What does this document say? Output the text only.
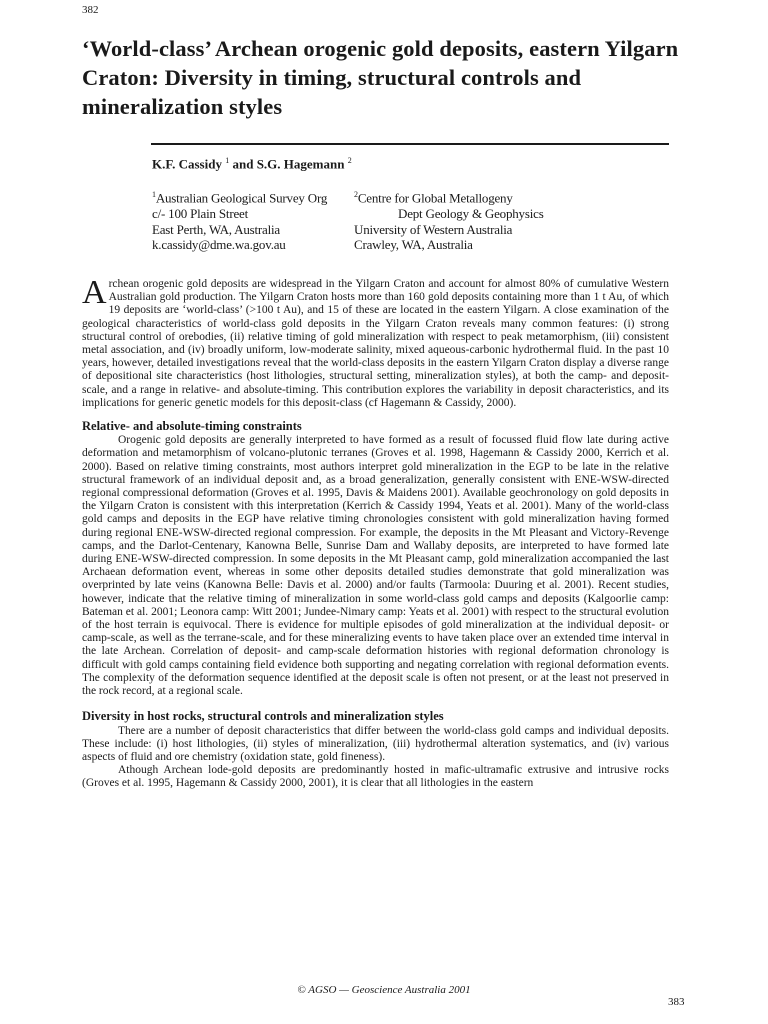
382
‘World-class’ Archean orogenic gold deposits, eastern Yilgarn Craton: Diversity in timing, structural controls and mineralization styles
K.F. Cassidy $^1$ and S.G. Hagemann $^2$
$^1$Australian Geological Survey Org
c/- 100 Plain Street
East Perth, WA, Australia
k.cassidy@dme.wa.gov.au
$^2$Centre for Global Metallogeny
Dept Geology & Geophysics
University of Western Australia
Crawley, WA, Australia

Archean orogenic gold deposits are widespread in the Yilgarn Craton and account for almost 80% of cumulative Western Australian gold production. The Yilgarn Craton hosts more than 160 gold deposits containing more than 1 t Au, of which 19 deposits are ‘world-class’ (>100 t Au), and 15 of these are located in the eastern Yilgarn. A close examination of the geological characteristics of world-class gold deposits in the Yilgarn Craton reveals many common features: (i) strong structural control of orebodies, (ii) relative timing of gold mineralization with respect to peak metamorphism, (iii) consistent metal association, and (iv) broadly uniform, low-moderate salinity, mixed aqueous-carbonic hydrothermal fluid. In the past 10 years, however, detailed investigations reveal that the world-class deposits in the eastern Yilgarn Craton display a diverse range of depositional site characteristics (host lithologies, structural setting, mineralization styles), at both the camp- and deposit-scale, and a range in relative- and absolute-timing. This contribution explores the variability in deposit characteristics, and its implications for generic genetic models for this deposit-class (cf Hagemann & Cassidy, 2000).

Relative- and absolute-timing constraints

Orogenic gold deposits are generally interpreted to have formed as a result of focussed fluid flow late during active deformation and metamorphism of volcano-plutonic terranes (Groves et al. 1998, Hagemann & Cassidy 2000, Kerrich et al. 2000). Based on relative timing constraints, most authors interpret gold mineralization in the EGP to be late in the relative structural framework of an individual deposit and, as a broad generalization, generally consistent with ENE-WSW-directed regional compressional deformation (Groves et al. 1995, Davis & Maidens 2001). Available geochronology on gold deposits in the Yilgarn Craton is consistent with this interpretation (Kerrich & Cassidy 1994, Yeats et al. 2001). Many of the world-class gold camps and deposits in the EGP have relative timing chronologies consistent with gold mineralization having formed during regional ENE-WSW-directed regional compression. For example, the deposits in the Mt Pleasant and Victory-Revenge camps, and the Darlot-Centenary, Kanowna Belle, Sunrise Dam and Wallaby deposits, are interpreted to have formed late during ENE-WSW-directed compression. In some deposits in the Mt Pleasant camp, gold mineralization accompanied the last Archaean deformation event, whereas in some other deposits detailed studies demonstrate that gold mineralization was overprinted by late veins (Kanowna Belle: Davis et al. 2000) and/or faults (Tarmoola: Duuring et al. 2001). Recent studies, however, indicate that the relative timing of mineralization in some world-class gold camps and deposits (Kalgoorlie camp: Bateman et al. 2001; Leonora camp: Witt 2001; Jundee-Nimary camp: Yeats et al. 2001) with respect to the structural evolution of the host terrain is equivocal. There is evidence for multiple episodes of gold mineralization at the individual deposit- or camp-scale, as well as the terrane-scale, and for these mineralizing events to have taken place over an extended time interval in the late Archean. Correlation of deposit- and camp-scale deformation histories with regional deformation chronology is difficult with gold camps containing field evidence both supporting and negating correlation with regional deformation events. The complexity of the deformation sequence identified at the deposit scale is often not present, or at the least not preserved in the rock record, at a regional scale.

Diversity in host rocks, structural controls and mineralization styles

There are a number of deposit characteristics that differ between the world-class gold camps and individual deposits. These include: (i) host lithologies, (ii) styles of mineralization, (iii) hydrothermal alteration systematics, and (iv) various aspects of fluid and ore chemistry (oxidation state, gold fineness).

Athough Archean lode-gold deposits are predominantly hosted in mafic-ultramafic extrusive and intrusive rocks (Groves et al. 1995, Hagemann & Cassidy 2000, 2001), it is clear that all lithologies in the eastern

© AGSO — Geoscience Australia 2001
383
